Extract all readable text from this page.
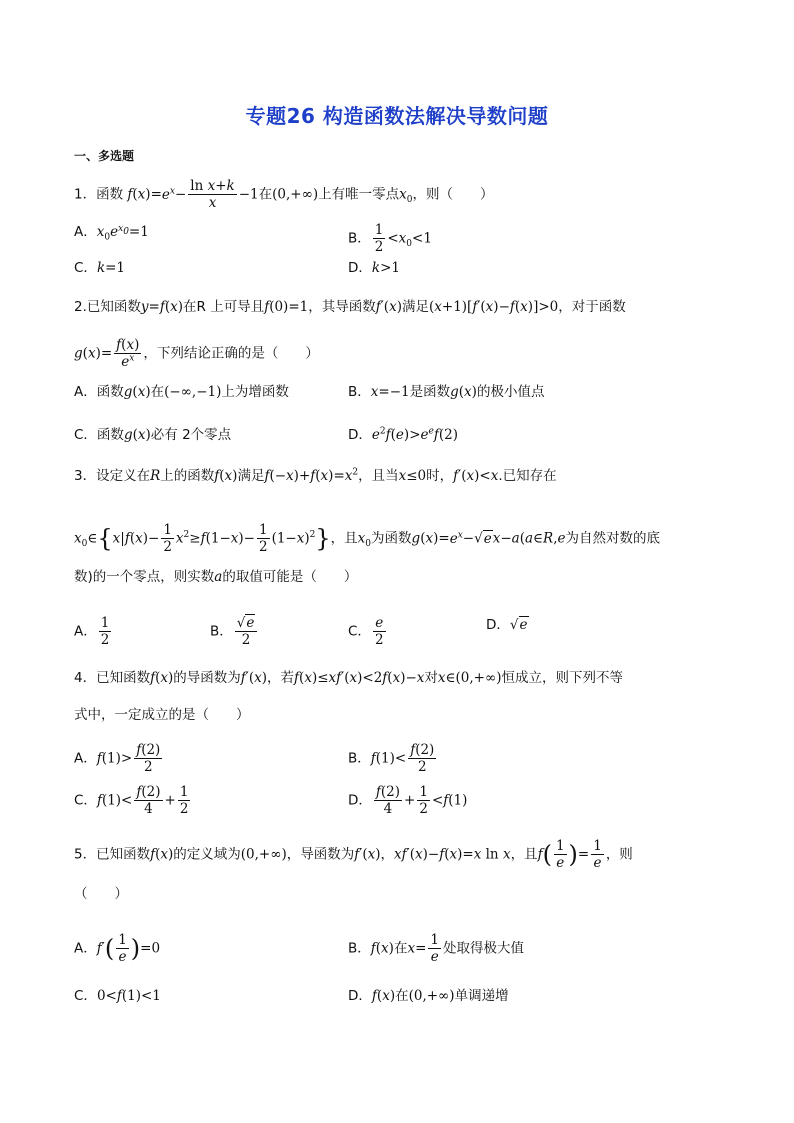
专题26 构造函数法解决导数问题
一、多选题
1．函数 $f(x)=e^x- \frac{\text{ln x+k}}{x} -1$在(0,+∞)上有唯一零点$x_0$，则（　　）
A．$x_0e^{x_0}=1$	B． $\frac{1}{2} <x_0<1$
C．k=1	D．k>1
2.已知函数y=f(x)在R 上可导且f(0)=1，其导函数f′(x)满足(x+1)[f′(x)−f(x)]>0，对于函数
$g(x)= \frac{f(x)}{e^x}$ ，下列结论正确的是（　　）
A．函数g(x)在(−∞,−1)上为增函数	B．x=−1是函数g(x)的极小值点
C．函数g(x)必有 2个零点	D．$e^2f(e)>e^ef(2)$
3．设定义在R上的函数f(x)满足$f(-x)+f(x)=x^2$，且当x≤0时，f′(x)<x.已知存在
$x_0\in\{x|f(x)- \frac{1}{2} x^2\ge f(1-x)- \frac{1}{2} (1-x)^2\}$，且$x_0$为函数$g(x)=e^x-√ex-a(a\in R,e$为自然对数的底
数)的一个零点，则实数a的取值可能是（　　）
A． $\frac{1}{2}$	B． $\frac{√e}{2}$	C． $\frac{e}{2}$	D．√e
4．已知函数f(x)的导函数为f′(x)，若f(x)≤xf′(x)<2f(x)−x对x∈(0,+∞)恒成立，则下列不等
式中，一定成立的是（　　）
A．$f(1)> \frac{f(2)}{2}$	B．$f(1)< \frac{f(2)}{2}$
C．$f(1)< \frac{f(2)}{4} + \frac{1}{2}$	D． $\frac{f(2)}{4} + \frac{1}{2} <f(1)$
5．已知函数f(x)的定义域为(0,+∞)，导函数为f′(x)，xf′(x)−f(x)=x ln x，且$f( \frac{1}{e}$ )= $\frac{1}{e}$ ，则
（　　）
A．$f'( \frac{1}{e} )=0$	B．f(x)在$x= \frac{1}{e}$ 处取得极大值
C．0<f(1)<1	D．f(x)在(0,+∞)单调递增
